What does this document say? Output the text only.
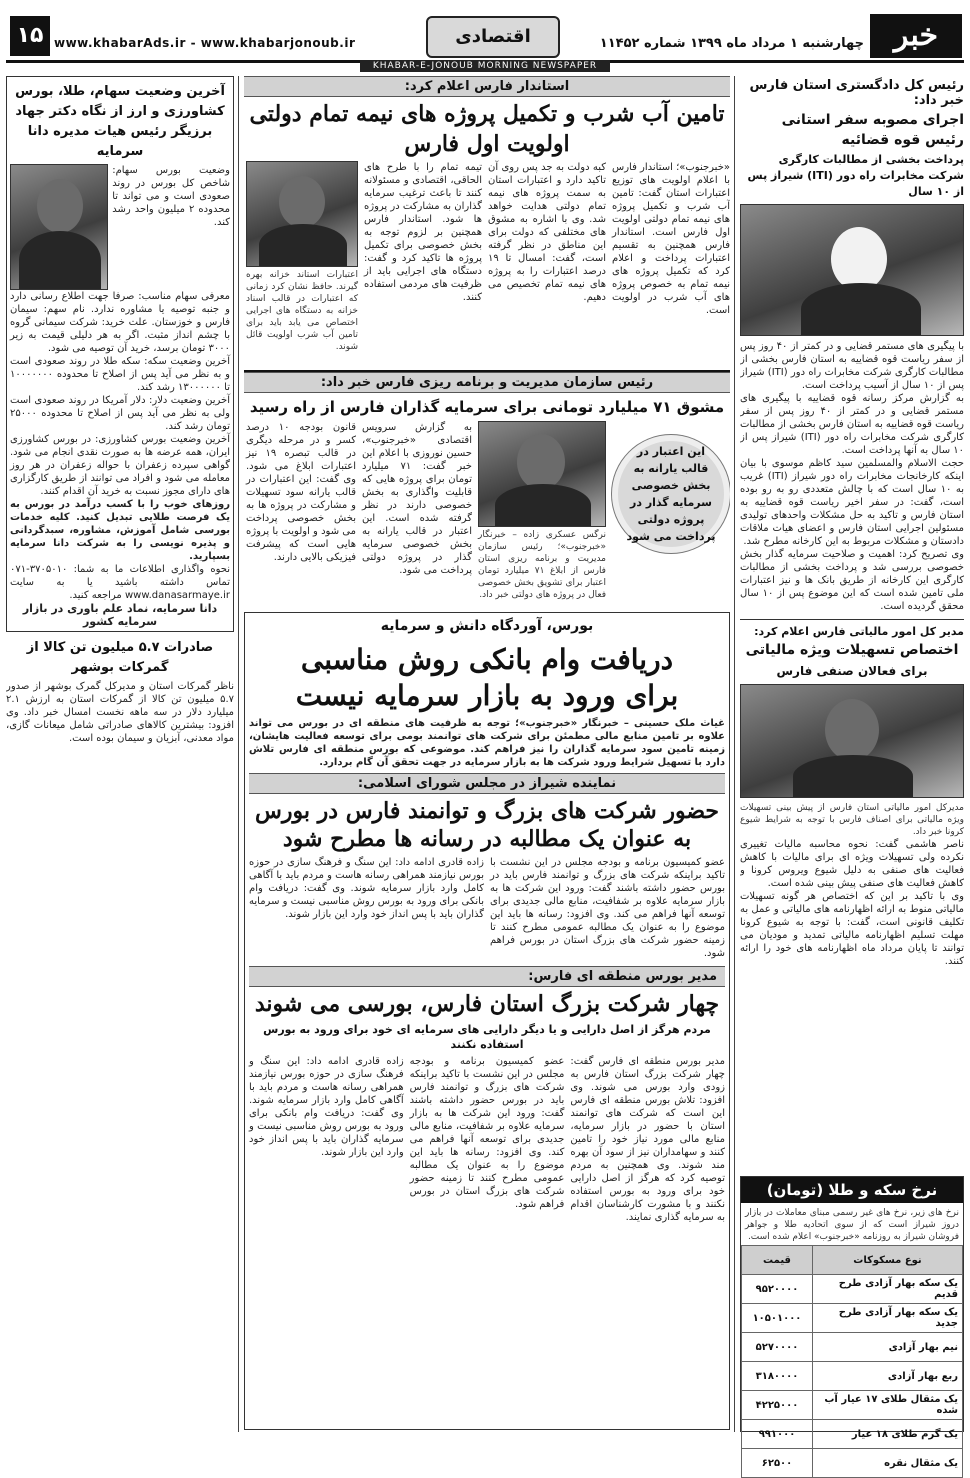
خبر
چهارشنبه ۱ مرداد ماه ۱۳۹۹ شماره ۱۱۴۵۲
اقتصادی
www.khabarAds.ir - www.khabarjonoub.ir
۱۵
KHABAR-E-JONOUB MORNING NEWSPAPER

رئیس کل دادگستری استان فارس خبر داد:

اجرای مصوبه سفر استانی رئیس قوه قضائیه

پرداخت بخشی از مطالبات کارگری شرکت مخابرات راه دور (ITI) شیراز پس از ۱۰ سال

با پیگیری های مستمر قضایی و در کمتر از ۴۰ روز پس از سفر ریاست قوه قضاییه به استان فارس بخشی از مطالبات کارگری شرکت مخابرات راه دور (ITI) شیراز پس از ۱۰ سال از آسیب پرداخت است.

به گزارش مرکز رسانه قوه قضاییه با پیگیری های مستمر قضایی و در کمتر از ۴۰ روز پس از سفر ریاست قوه قضاییه به استان فارس بخشی از مطالبات کارگری شرکت مخابرات راه دور (ITI) شیراز پس از ۱۰ سال به آنها پرداخت است.

حجت الاسلام والمسلمین سید کاظم موسوی با بیان اینکه کارخانجات مخابرات راه دور شیراز (ITI) غریب به ۱۰ سال است که با چالش متعددی رو به رو بوده است، گفت: در سفر اخیر ریاست قوه قضاییه به استان فارس و تاکید به حل مشکلات واحدهای تولیدی مسئولین اجرایی استان فارس و اعضای هیات ملاقات دادستان و مشکلات مربوط به این کارخانه مطرح شد.

وی تصریح کرد: اهمیت و صلاحیت سرمایه گذار بخش خصوصی بررسی شد و پرداخت بخشی از مطالبات کارگری این کارخانه از طریق بانک ها و نیز اعتبارات ملی تامین شده است که این موضوع پس از ۱۰ سال محقق گردیده است.

مدیر کل امور مالیاتی فارس اعلام کرد:

اختصاص تسهیلات ویژه مالیاتی

برای فعالان صنفی فارس

مدیرکل امور مالیاتی استان فارس از پیش بینی تسهیلات ویژه مالیاتی برای اصناف فارس با توجه به شرایط شیوع کرونا خبر داد.

ناصر هاشمی گفت: نحوه محاسبه مالیات تغییری نکرده ولی تسهیلات ویژه ای برای مالیات با کاهش فعالیت های صنفی به دلیل شیوع ویروس کرونا و کاهش فعالیت های صنفی پیش بینی شده است.

وی با تاکید بر این که اختصاص هر گونه تسهیلات مالیاتی منوط به ارائه اظهارنامه های مالیاتی و عمل به تکلیف قانونی است، گفت: با توجه به شیوع کرونا مهلت تسلیم اظهارنامه مالیاتی تمدید و مودیان می توانند تا پایان مرداد ماه اظهارنامه های خود را ارائه کنند.

نرخ سکه و طلا (تومان)

نرخ های زیر، نرخ های غیر رسمی مبنای معاملات در بازار دروز شیراز است که از سوی اتحادیه طلا و جواهر فروشان شیراز به روزنامه «خبرجنوب» اعلام شده است.

نوع مسکوکات	قیمت
یک سکه بهار آزادی طرح قدیم	۹۵۲۰۰۰۰
یک سکه بهار آزادی طرح جدید	۱۰۵۰۱۰۰۰
نیم بهار آزادی	۵۲۷۰۰۰۰
ربع بهار آزادی	۳۱۸۰۰۰۰
یک مثقال طلای ۱۷ عیار آب شده	۴۲۲۵۰۰۰
یک گرم طلای ۱۸ عیار	۹۹۱۰۰۰
یک مثقال نقره	۶۲۵۰۰
استاندار فارس اعلام کرد:

تامین آب شرب و تکمیل پروژه های نیمه تمام دولتی

اولویت اول فارس

«خبرجنوب»؛ استاندار فارس با اعلام اولویت های توزیع اعتبارات استان گفت: تامین آب شرب و تکمیل پروژه های نیمه تمام دولتی اولویت اول فارس است. استاندار فارس همچنین به تقسیم اعتبارات پرداخت و اعلام کرد که تکمیل پروژه های نیمه تمام به خصوص پروژه های آب شرب در اولویت است.

کبه دولت به جد پس روی آن تاکید دارد و اعتبارات استان به سمت پروژه های نیمه تمام دولتی هدایت خواهد شد. وی با اشاره به مشوق های مختلفی که دولت برای این مناطق در نظر گرفته است، گفت: امسال تا ۱۹ درصد اعتبارات را به پروژه های نیمه تمام تخصیص می دهیم.

تیمه تمام را با طرح های الحاقی، اقتصادی و مسئولانه کنند تا باعث ترغیب سرمایه گذاران به مشارکت در پروژه ها شود. استاندار فارس همچنین بر لزوم توجه به بخش خصوصی برای تکمیل پروژه ها تاکید کرد و گفت: دستگاه های اجرایی باید از ظرفیت های مردمی استفاده کنند.

اعتبارات استاند خزانه بهره گیرند. حافظ نشان کرد زمانی که اعتبارات در قالب اسناد خزانه به دستگاه های اجرایی اختصاص می یابد باید برای تامین آب شرب اولویت قائل شوند.

رئیس سازمان مدیریت و برنامه ریزی فارس خبر داد:

مشوق ۷۱ میلیارد تومانی برای سرمایه گذاران فارس از راه رسید

این اعتبار در قالب یارانه به بخش خصوصی سرمایه گذار در پروژه دولتی پرداخت می شود

نرگس عسکری زاده – خبرنگار «خبرجنوب»؛ رئیس سازمان مدیریت و برنامه ریزی استان فارس از ابلاغ ۷۱ میلیارد تومان اعتبار برای تشویق بخش خصوصی فعال در پروژه های دولتی خبر داد.

به گزارش سرویس اقتصادی «خبرجنوب»، حسین نوروزی با اعلام این خبر گفت: ۷۱ میلیارد تومان برای پروژه هایی که قابلیت واگذاری به بخش خصوصی دارند در نظر گرفته شده است. این اعتبار در قالب یارانه به بخش خصوصی سرمایه گذار در پروژه دولتی پرداخت می شود.

قانون بودجه ۱۰ درصد کسر و در مرحله دیگری در قالب تبصره ۱۹ نیز اعتبارات ابلاغ می شود. وی گفت: این اعتبارات در قالب یارانه سود تسهیلات و مشارکت در پروژه ها به بخش خصوصی پرداخت می شود و اولویت با پروژه هایی است که پیشرفت فیزیکی بالایی دارند.

بورس، آوردگاه دانش و سرمایه

دریافت وام بانکی روش مناسبی

برای ورود به بازار سرمایه نیست

غیاث ملک حسینی – خبرنگار «خبرجنوب»؛ توجه به ظرفیت های منطقه ای در بورس می تواند علاوه بر تامین منابع مالی مطمئن برای شرکت های توانمند بومی برای توسعه فعالیت هایشان، زمینه تامین سود سرمایه گذاران را نیز فراهم کند. موضوعی که بورس منطقه ای فارس تلاش دارد با تسهیل شرایط ورود شرکت ها به بازار سرمایه در جهت تحقق آن گام بردارد.

نماینده شیراز در مجلس شورای اسلامی:

حضور شرکت های بزرگ و توانمند فارس در بورس

به عنوان یک مطالبه در رسانه ها مطرح شود

عضو کمیسیون برنامه و بودجه مجلس در این نشست با تاکید براینکه شرکت های بزرگ و توانمند فارس باید در بورس حضور داشته باشند گفت: ورود این شرکت ها به بازار سرمایه علاوه بر شفافیت، منابع مالی جدیدی برای توسعه آنها فراهم می کند. وی افزود: رسانه ها باید این موضوع را به عنوان یک مطالبه عمومی مطرح کنند تا زمینه حضور شرکت های بزرگ استان در بورس فراهم شود.

زاده قادری ادامه داد: این سنگ و فرهنگ سازی در حوزه بورس نیازمند همراهی رسانه هاست و مردم باید با آگاهی کامل وارد بازار سرمایه شوند. وی گفت: دریافت وام بانکی برای ورود به بورس روش مناسبی نیست و سرمایه گذاران باید با پس انداز خود وارد این بازار شوند.

مدیر بورس منطقه ای فارس:

چهار شرکت بزرگ استان فارس، بورسی می شوند

مردم هرگز از اصل دارایی و یا دیگر دارایی های سرمایه ای خود برای ورود به بورس استفاده نکنند

مدیر بورس منطقه ای فارس گفت: چهار شرکت بزرگ استان فارس به زودی وارد بورس می شوند. وی افزود: تلاش بورس منطقه ای فارس این است که شرکت های توانمند استان با حضور در بازار سرمایه، منابع مالی مورد نیاز خود را تامین کنند و سهامداران نیز از سود آن بهره مند شوند. وی همچنین به مردم توصیه کرد که هرگز از اصل دارایی خود برای ورود به بورس استفاده نکنند و با مشورت کارشناسان اقدام به سرمایه گذاری نمایند.

عضو کمیسیون برنامه و بودجه مجلس در این نشست با تاکید براینکه شرکت های بزرگ و توانمند فارس باید در بورس حضور داشته باشند گفت: ورود این شرکت ها به بازار سرمایه علاوه بر شفافیت، منابع مالی جدیدی برای توسعه آنها فراهم می کند. وی افزود: رسانه ها باید این موضوع را به عنوان یک مطالبه عمومی مطرح کنند تا زمینه حضور شرکت های بزرگ استان در بورس فراهم شود.

زاده قادری ادامه داد: این سنگ و فرهنگ سازی در حوزه بورس نیازمند همراهی رسانه هاست و مردم باید با آگاهی کامل وارد بازار سرمایه شوند. وی گفت: دریافت وام بانکی برای ورود به بورس روش مناسبی نیست و سرمایه گذاران باید با پس انداز خود وارد این بازار شوند.

آخرین وضعیت سهام، طلا، بورس کشاورزی و ارز از نگاه دکتر جهاد برزیگر رئیس هیات مدیره دانا سرمایه

وضعیت بورس سهام: شاخص کل بورس در روند صعودی است و می تواند تا محدوده ۲ میلیون واحد رشد کند.

معرفی سهام مناسب: صرفا جهت اطلاع رسانی دارد و جنبه توصیه یا مشاوره ندارد. نام سهم: سیمان فارس و خوزستان. علت خرید: شرکت سیمانی گروه با چشم انداز مثبت. اگر به هر دلیلی قیمت به زیر ۳۰۰۰ تومان برسد، خرید آن توصیه می شود.

آخرین وضعیت سکه: سکه طلا در روند صعودی است و به نظر می آید پس از اصلاح تا محدوده ۱۰۰۰۰۰۰۰ تا ۱۳۰۰۰۰۰۰ رشد کند.

آخرین وضعیت دلار: دلار آمریکا در روند صعودی است ولی به نظر می آید پس از اصلاح تا محدوده ۲۵۰۰۰ تومان رشد کند.

آخرین وضعیت بورس کشاورزی: در بورس کشاورزی ایران، همه عرضه ها به صورت نقدی انجام می شود. گواهی سپرده زعفران با حواله زعفران در هر روز معامله می شود و افراد می توانند از طریق کارگزاری های دارای مجوز نسبت به خرید آن اقدام کنند.

روزهای خوب را با کسب درآمد در بورس به یک فرصت طلایی تبدیل کنید. کلیه خدمات بورسی شامل آموزش، مشاوره، سبدگردانی و پذیره نویسی را به شرکت دانا سرمایه بسپارید.

نحوه واگذاری اطلاعات ما به شما: ۳۷۰۵۰۱۰-۰۷۱ تماس داشته باشید یا به سایت www.danasarmaye.ir مراجعه کنید.

دانا سرمایه، نماد علم باوری در بازار سرمایه کشور

صادرات ۵.۷ میلیون تن کالا از گمرکات بوشهر

ناظر گمرکات استان و مدیرکل گمرک بوشهر از صدور ۵.۷ میلیون تن کالا از گمرکات استان به ارزش ۲.۱ میلیارد دلار در سه ماهه نخست امسال خبر داد. وی افزود: بیشترین کالاهای صادراتی شامل میعانات گازی، مواد معدنی، آبزیان و سیمان بوده است.
